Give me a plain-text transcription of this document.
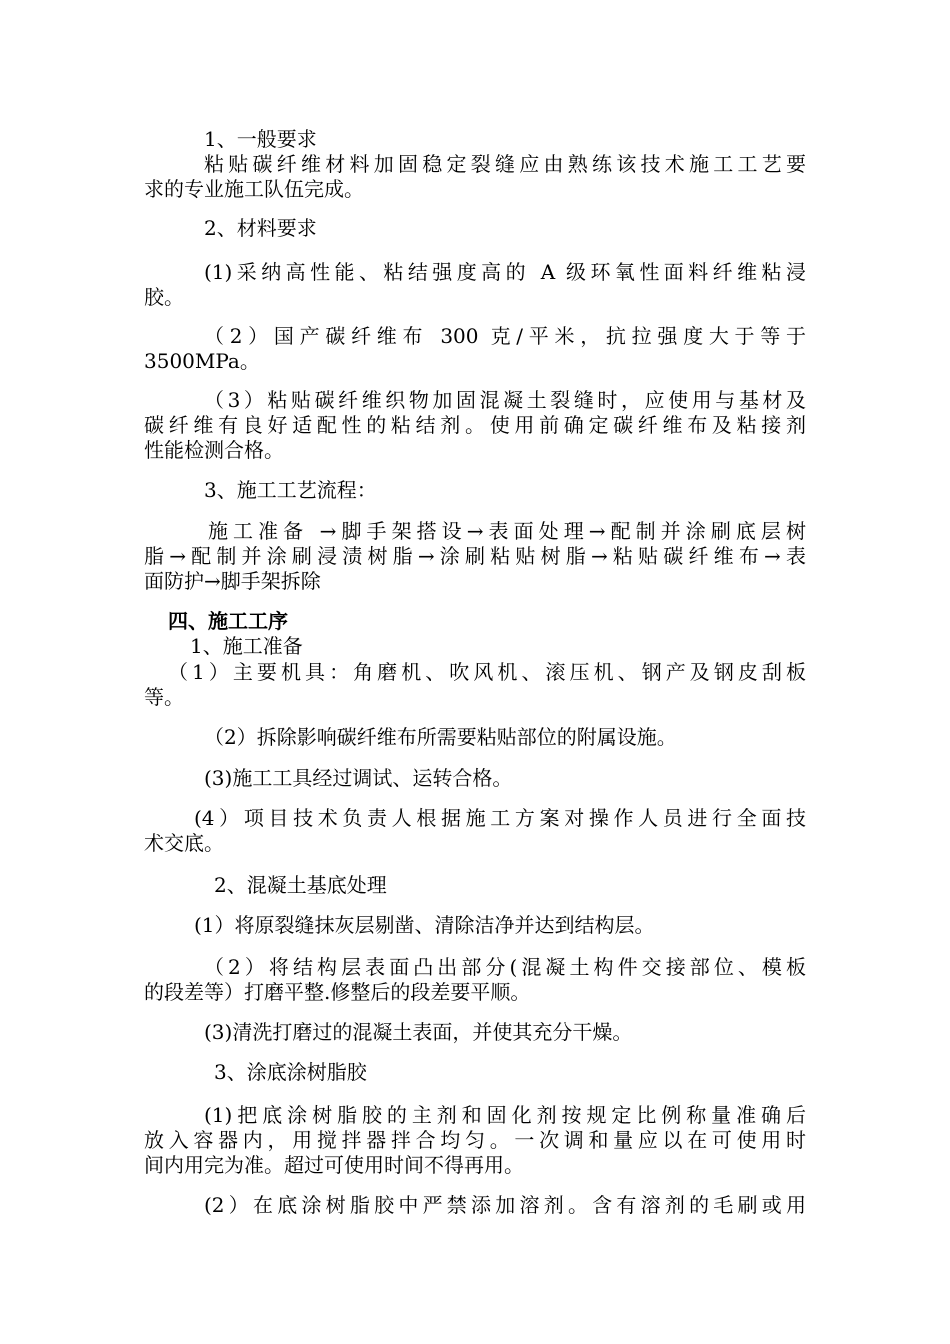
1、一般要求

粘贴碳纤维材料加固稳定裂缝应由熟练该技术施工工艺要

求的专业施工队伍完成。

2、材料要求

(1)采纳高性能、粘结强度高的 A 级环氧性面料纤维粘浸

胶。

（2）国产碳纤维布 300 克/平米，抗拉强度大于等于

3500MPa。

（3）粘贴碳纤维织物加固混凝土裂缝时，应使用与基材及

碳纤维有良好适配性的粘结剂。使用前确定碳纤维布及粘接剂

性能检测合格。

3、施工工艺流程：

施工准备 →脚手架搭设→表面处理→配制并涂刷底层树

脂→配制并涂刷浸渍树脂→涂刷粘贴树脂→粘贴碳纤维布→表

面防护→脚手架拆除

四、施工工序

1、施工准备

（1）主要机具：角磨机、吹风机、滚压机、钢产及钢皮刮板

等。

（2）拆除影响碳纤维布所需要粘贴部位的附属设施。

(3)施工工具经过调试、运转合格。

(4）项目技术负责人根据施工方案对操作人员进行全面技

术交底。

2、混凝土基底处理

(1）将原裂缝抹灰层剔凿、清除洁净并达到结构层。

（2）将结构层表面凸出部分(混凝土构件交接部位、模板

的段差等）打磨平整.修整后的段差要平顺。

(3)清洗打磨过的混凝土表面，并使其充分干燥。

3、涂底涂树脂胶

(1)把底涂树脂胶的主剂和固化剂按规定比例称量准确后

放入容器内，用搅拌器拌合均匀。一次调和量应以在可使用时

间内用完为准。超过可使用时间不得再用。

(2）在底涂树脂胶中严禁添加溶剂。含有溶剂的毛刷或用
